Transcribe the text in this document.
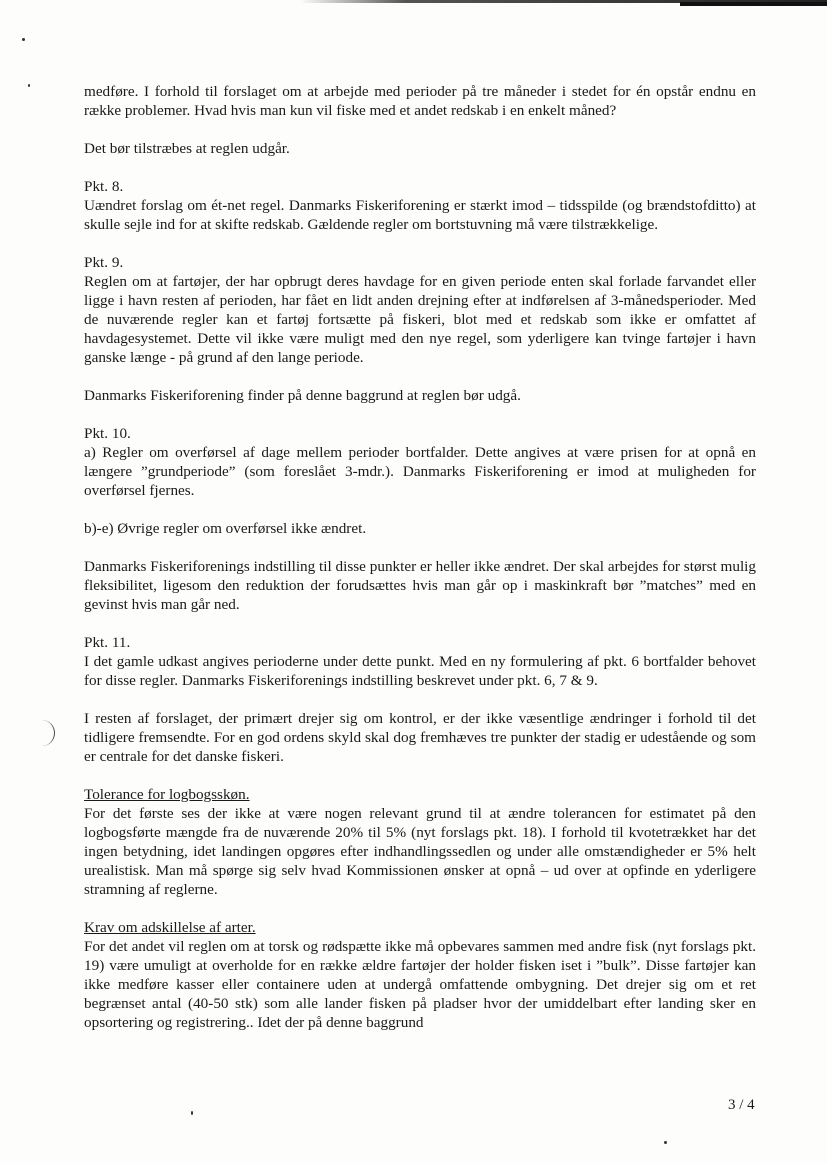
medføre. I forhold til forslaget om at arbejde med perioder på tre måneder i stedet for én opstår endnu en række problemer. Hvad hvis man kun vil fiske med et andet redskab i en enkelt måned?

Det bør tilstræbes at reglen udgår.

Pkt. 8.

Uændret forslag om ét-net regel. Danmarks Fiskeriforening er stærkt imod – tidsspilde (og brændstofditto) at skulle sejle ind for at skifte redskab. Gældende regler om bortstuvning må være tilstrækkelige.

Pkt. 9.

Reglen om at fartøjer, der har opbrugt deres havdage for en given periode enten skal forlade farvandet eller ligge i havn resten af perioden, har fået en lidt anden drejning efter at indførelsen af 3-månedsperioder. Med de nuværende regler kan et fartøj fortsætte på fiskeri, blot med et redskab som ikke er omfattet af havdagesystemet. Dette vil ikke være muligt med den nye regel, som yderligere kan tvinge fartøjer i havn ganske længe - på grund af den lange periode.

Danmarks Fiskeriforening finder på denne baggrund at reglen bør udgå.

Pkt. 10.

a) Regler om overførsel af dage mellem perioder bortfalder. Dette angives at være prisen for at opnå en længere ”grundperiode” (som foreslået 3-mdr.). Danmarks Fiskeriforening er imod at muligheden for overførsel fjernes.

b)-e) Øvrige regler om overførsel ikke ændret.

Danmarks Fiskeriforenings indstilling til disse punkter er heller ikke ændret. Der skal arbejdes for størst mulig fleksibilitet, ligesom den reduktion der forudsættes hvis man går op i maskinkraft bør ”matches” med en gevinst hvis man går ned.

Pkt. 11.

I det gamle udkast angives perioderne under dette punkt. Med en ny formulering af pkt. 6 bortfalder behovet for disse regler. Danmarks Fiskeriforenings indstilling beskrevet under pkt. 6, 7 & 9.

I resten af forslaget, der primært drejer sig om kontrol, er der ikke væsentlige ændringer i forhold til det tidligere fremsendte. For en god ordens skyld skal dog fremhæves tre punkter der stadig er udestående og som er centrale for det danske fiskeri.

Tolerance for logbogsskøn.

For det første ses der ikke at være nogen relevant grund til at ændre tolerancen for estimatet på den logbogsførte mængde fra de nuværende 20% til 5% (nyt forslags pkt. 18). I forhold til kvotetrækket har det ingen betydning, idet landingen opgøres efter indhandlingssedlen og under alle omstændigheder er 5% helt urealistisk. Man må spørge sig selv hvad Kommissionen ønsker at opnå – ud over at opfinde en yderligere stramning af reglerne.

Krav om adskillelse af arter.

For det andet vil reglen om at torsk og rødspætte ikke må opbevares sammen med andre fisk (nyt forslags pkt. 19) være umuligt at overholde for en række ældre fartøjer der holder fisken iset i ”bulk”. Disse fartøjer kan ikke medføre kasser eller containere uden at undergå omfattende ombygning. Det drejer sig om et ret begrænset antal (40-50 stk) som alle lander fisken på pladser hvor der umiddelbart efter landing sker en opsortering og registrering.. Idet der på denne baggrund

3 / 4
